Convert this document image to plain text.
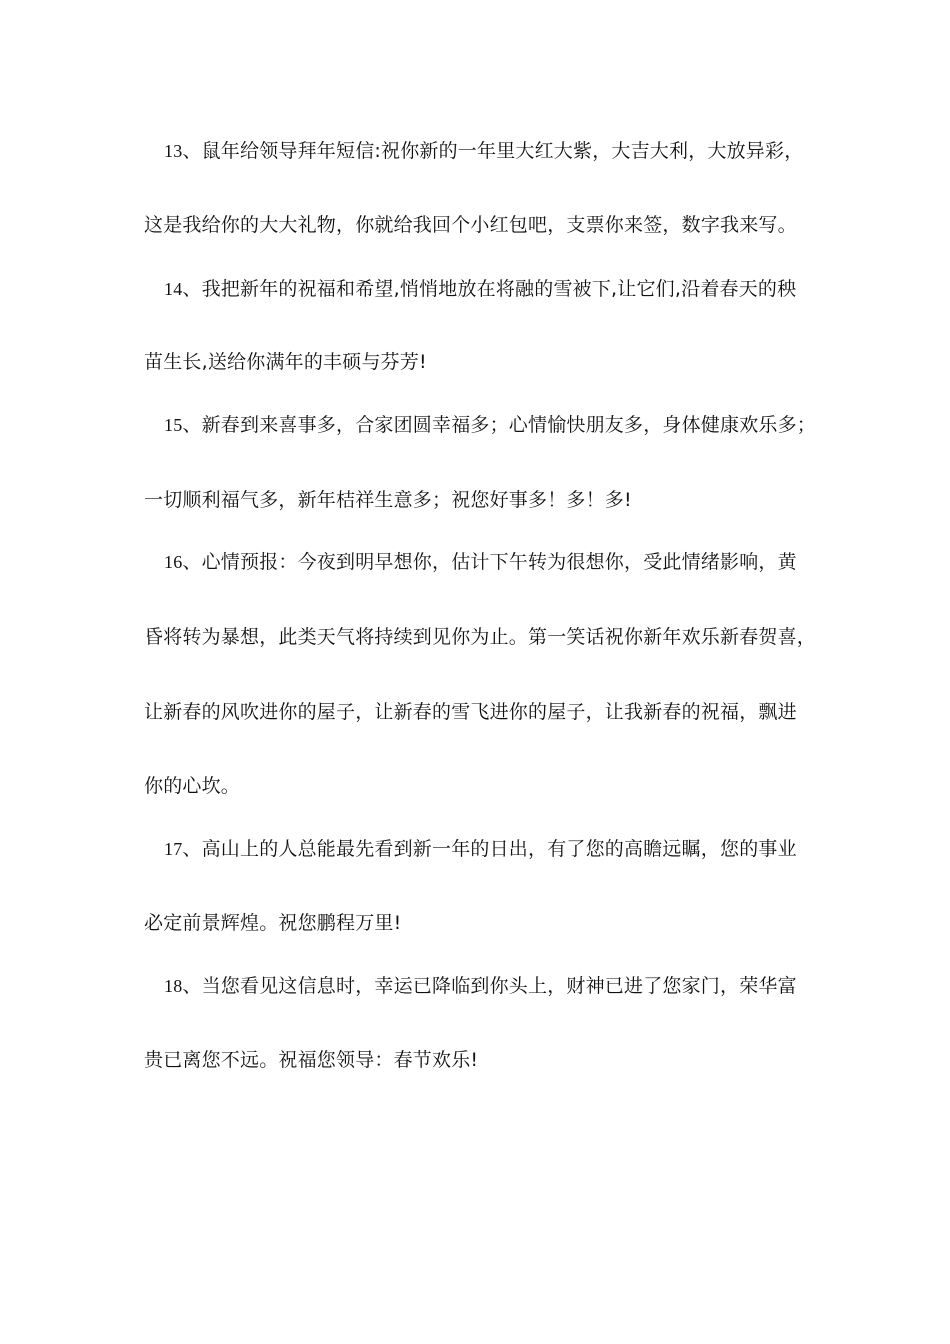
13、鼠年给领导拜年短信:祝你新的一年里大红大紫，大吉大利，大放异彩，
这是我给你的大大礼物，你就给我回个小红包吧，支票你来签，数字我来写。
14、我把新年的祝福和希望,悄悄地放在将融的雪被下,让它们,沿着春天的秧
苗生长,送给你满年的丰硕与芬芳!
15、新春到来喜事多，合家团圆幸福多；心情愉快朋友多，身体健康欢乐多；
一切顺利福气多，新年桔祥生意多；祝您好事多！多！多!
16、心情预报：今夜到明早想你，估计下午转为很想你，受此情绪影响，黄
昏将转为暴想，此类天气将持续到见你为止。第一笑话祝你新年欢乐新春贺喜，
让新春的风吹进你的屋子，让新春的雪飞进你的屋子，让我新春的祝福，飘进
你的心坎。
17、高山上的人总能最先看到新一年的日出，有了您的高瞻远瞩，您的事业
必定前景辉煌。祝您鹏程万里!
18、当您看见这信息时，幸运已降临到你头上，财神已进了您家门，荣华富
贵已离您不远。祝福您领导：春节欢乐!
